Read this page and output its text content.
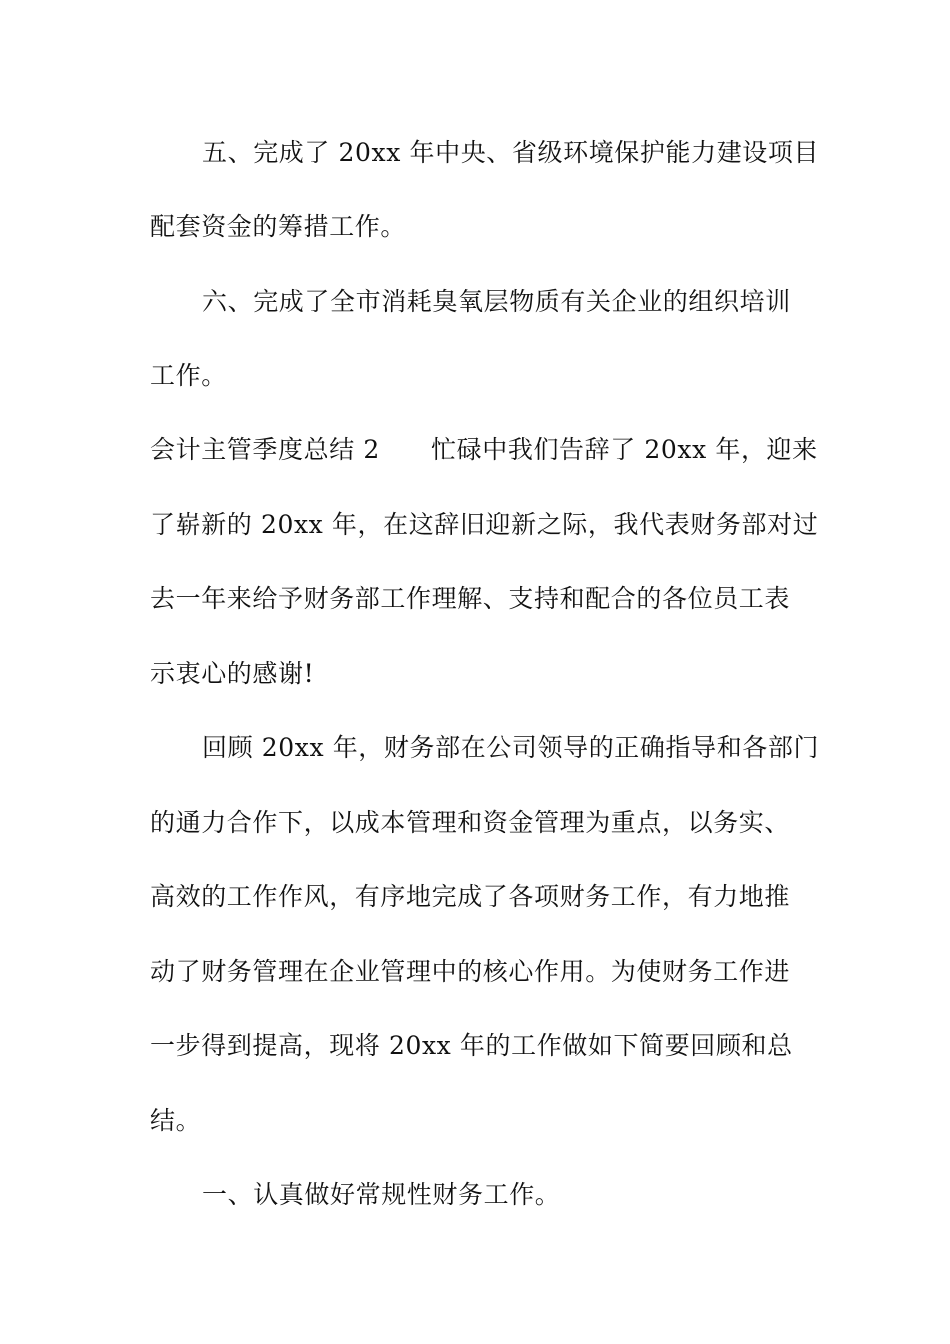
五、完成了 20xx 年中央、省级环境保护能力建设项目
配套资金的筹措工作。
六、完成了全市消耗臭氧层物质有关企业的组织培训
工作。
会计主管季度总结 2　　忙碌中我们告辞了 20xx 年，迎来
了崭新的 20xx 年，在这辞旧迎新之际，我代表财务部对过
去一年来给予财务部工作理解、支持和配合的各位员工表
示衷心的感谢!
回顾 20xx 年，财务部在公司领导的正确指导和各部门
的通力合作下，以成本管理和资金管理为重点，以务实、
高效的工作作风，有序地完成了各项财务工作，有力地推
动了财务管理在企业管理中的核心作用。为使财务工作进
一步得到提高，现将 20xx 年的工作做如下简要回顾和总
结。
一、认真做好常规性财务工作。
